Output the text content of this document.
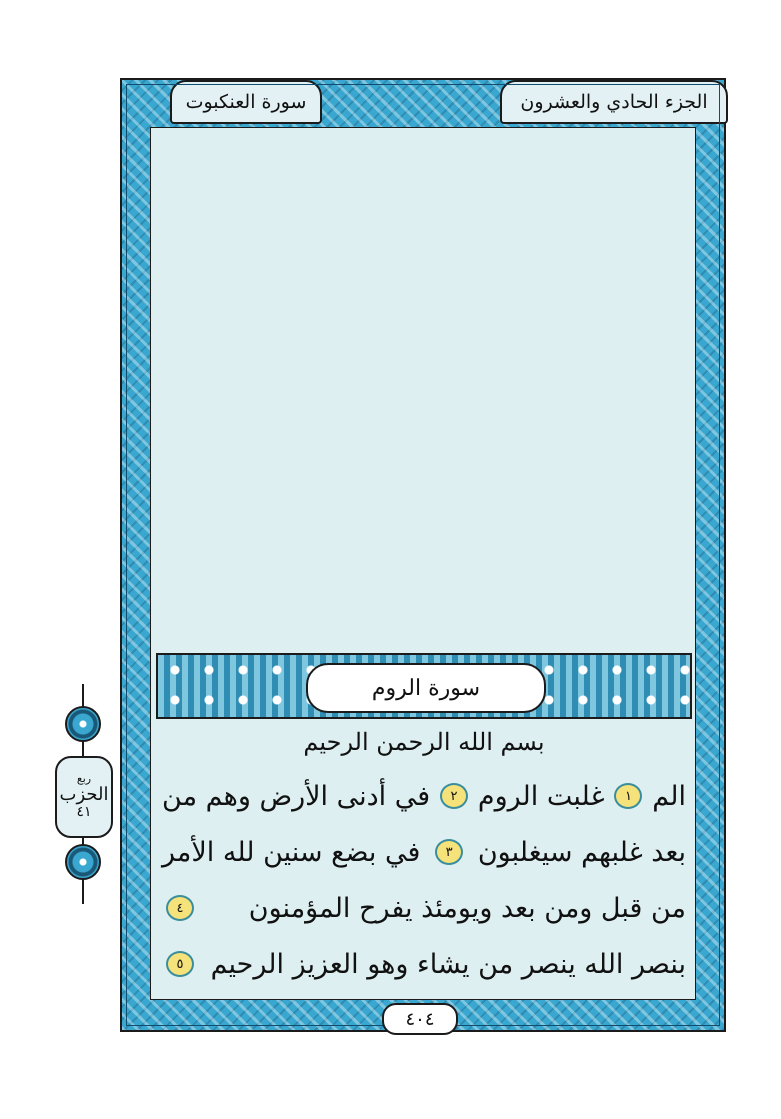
الجزء الحادي والعشرون
سورة العنكبوت
سورة الروم
بسم الله الرحمن الرحيم
الم
١
غلبت الروم
٢
في أدنى الأرض وهم من
بعد غلبهم سيغلبون
٣
في بضع سنين لله الأمر
من قبل ومن بعد ويومئذ يفرح المؤمنون
٤
بنصر الله ينصر من يشاء وهو العزيز الرحيم
٥
٤٠٤
ربع
الحزب
٤١
